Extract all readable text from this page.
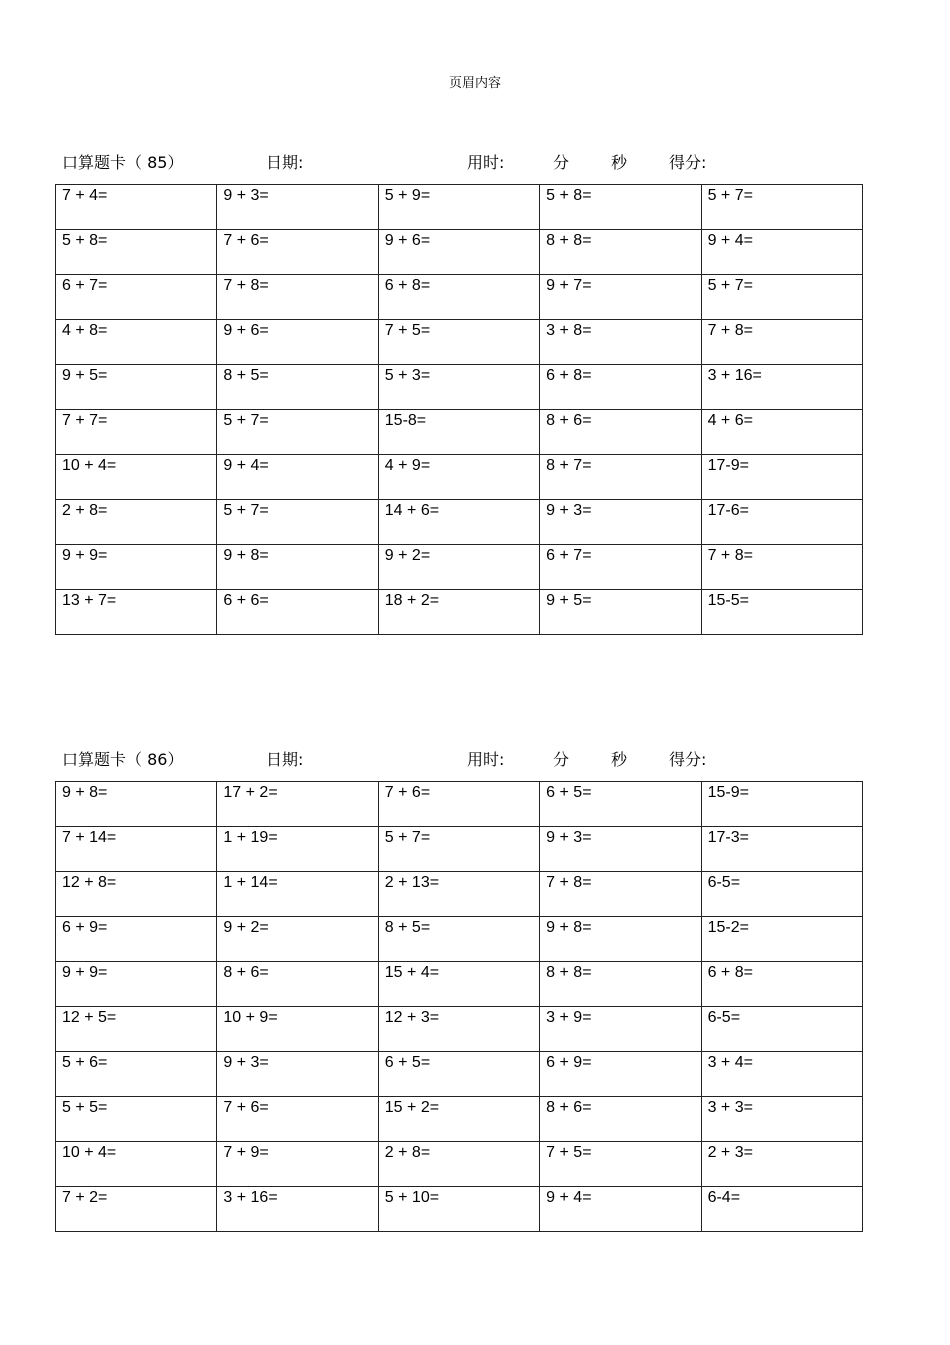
页眉内容
口算题卡（ 85）	日期:	用时:	分	秒	得分:
7 + 4=	9 + 3=	5 + 9=	5 + 8=	5 + 7=
5 + 8=	7 + 6=	9 + 6=	8 + 8=	9 + 4=
6 + 7=	7 + 8=	6 + 8=	9 + 7=	5 + 7=
4 + 8=	9 + 6=	7 + 5=	3 + 8=	7 + 8=
9 + 5=	8 + 5=	5 + 3=	6 + 8=	3 + 16=
7 + 7=	5 + 7=	15-8=	8 + 6=	4 + 6=
10 + 4=	9 + 4=	4 + 9=	8 + 7=	17-9=
2 + 8=	5 + 7=	14 + 6=	9 + 3=	17-6=
9 + 9=	9 + 8=	9 + 2=	6 + 7=	7 + 8=
13 + 7=	6 + 6=	18 + 2=	9 + 5=	15-5=
口算题卡（ 86）	日期:	用时:	分	秒	得分:
9 + 8=	17 + 2=	7 + 6=	6 + 5=	15-9=
7 + 14=	1 + 19=	5 + 7=	9 + 3=	17-3=
12 + 8=	1 + 14=	2 + 13=	7 + 8=	6-5=
6 + 9=	9 + 2=	8 + 5=	9 + 8=	15-2=
9 + 9=	8 + 6=	15 + 4=	8 + 8=	6 + 8=
12 + 5=	10 + 9=	12 + 3=	3 + 9=	6-5=
5 + 6=	9 + 3=	6 + 5=	6 + 9=	3 + 4=
5 + 5=	7 + 6=	15 + 2=	8 + 6=	3 + 3=
10 + 4=	7 + 9=	2 + 8=	7 + 5=	2 + 3=
7 + 2=	3 + 16=	5 + 10=	9 + 4=	6-4=
